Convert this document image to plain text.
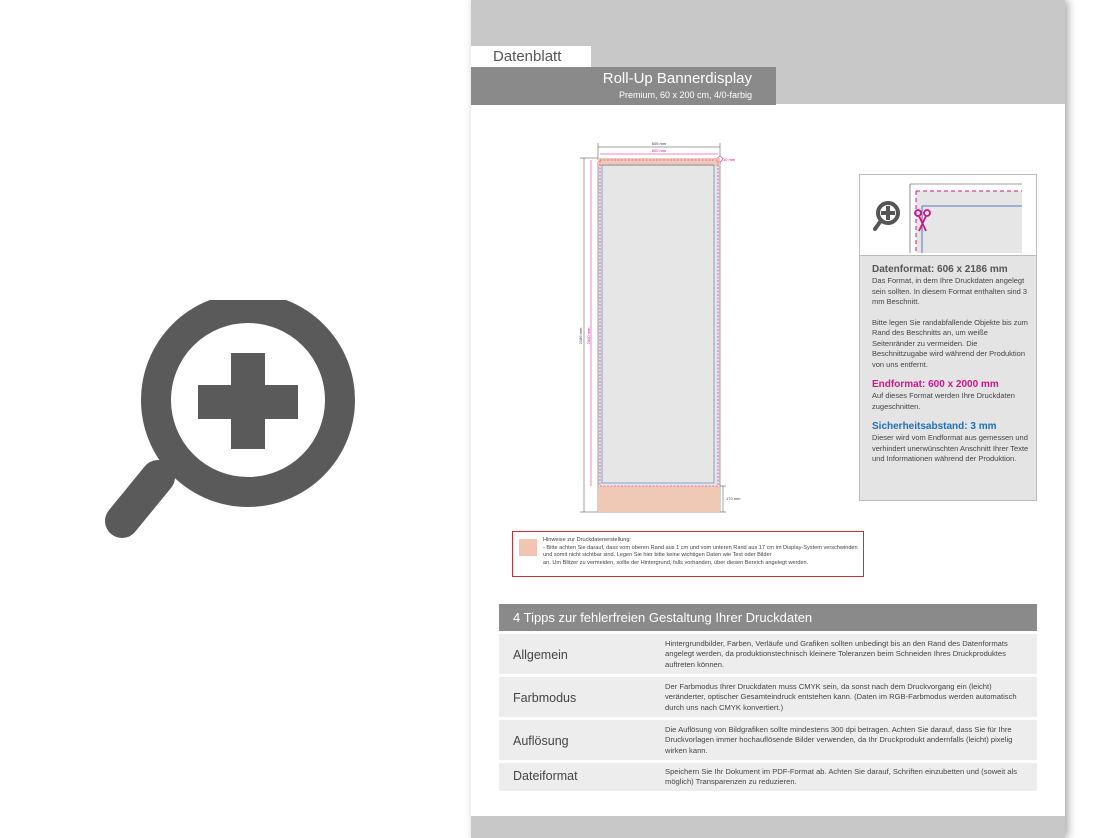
Datenblatt
Roll-Up Bannerdisplay
Premium, 60 x 200 cm, 4/0-farbig
606 mm
600 mm
10 mm
2186 mm 2000 mm
170 mm
Datenformat: 606 x 2186 mm

Das Format, in dem Ihre Druckdaten angelegt sein sollten. In diesem Format enthalten sind 3 mm Beschnitt.

Bitte legen Sie randabfallende Objekte bis zum Rand des Beschnitts an, um weiße Seitenränder zu vermeiden. Die Beschnittzugabe wird während der Produktion von uns entfernt.

Endformat: 600 x 2000 mm

Auf dieses Format werden Ihre Druckdaten zugeschnitten.

Sicherheitsabstand: 3 mm

Dieser wird vom Endformat aus gemessen und verhindert unerwünschten Anschnitt Ihrer Texte und Informationen während der Produktion.

Hinweise zur Druckdatenerstellung:
- Bitte achten Sie darauf, dass vom oberen Rand aus 1 cm und vom unteren Rand aus 17 cm im Display-System verschwinden und somit nicht sichtbar sind. Legen Sie hier bitte keine wichtigen Daten wie Text oder Bilder
an. Um Blitzer zu vermeiden, sollte der Hintergrund, falls vorhanden, über diesen Bereich angelegt werden.
4 Tipps zur fehlerfreien Gestaltung Ihrer Druckdaten
Allgemein
Hintergrundbilder, Farben, Verläufe und Grafiken sollten unbedingt bis an den Rand des Datenformats angelegt werden, da produktionstechnisch kleinere Toleranzen beim Schneiden Ihres Druckproduktes auftreten können.
Farbmodus
Der Farbmodus Ihrer Druckdaten muss CMYK sein, da sonst nach dem Druckvorgang ein (leicht) veränderter, optischer Gesamteindruck entstehen kann. (Daten im RGB-Farbmodus werden automatisch durch uns nach CMYK konvertiert.)
Auflösung
Die Auflösung von Bildgrafiken sollte mindestens 300 dpi betragen. Achten Sie darauf, dass Sie für Ihre Druckvorlagen immer hochauflösende Bilder verwenden, da Ihr Druckprodukt andernfalls (leicht) pixelig wirken kann.
Dateiformat	Speichern Sie Ihr Dokument im PDF-Format ab. Achten Sie darauf, Schriften einzubetten und (soweit als möglich) Transparenzen zu reduzieren.
